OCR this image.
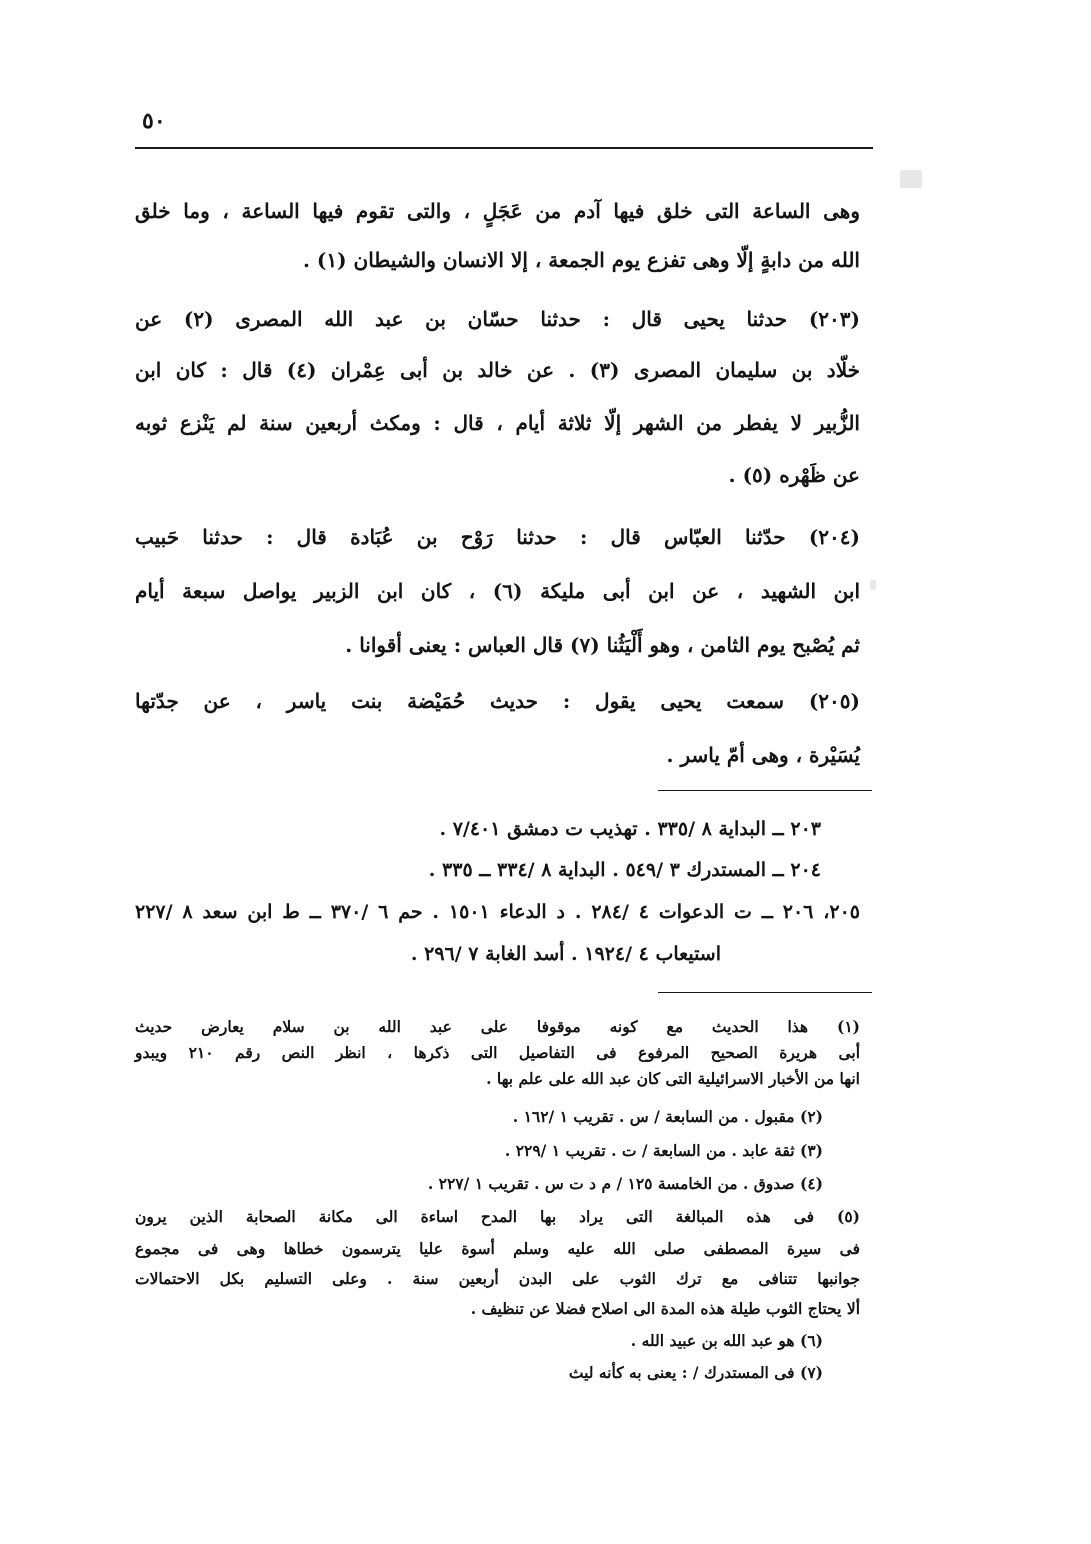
٥٠
وهى الساعة التى خلق فيها آدم من عَجَلٍ ، والتى تقوم فيها الساعة ، وما خلق
الله من دابةٍ إلّا وهى تفزع يوم الجمعة ، إلا الانسان والشيطان (١) .
(٢٠٣) حدثنا يحيى قال : حدثنا حسّان بن عبد الله المصرى (٢) عن
خلّاد بن سليمان المصرى (٣) . عن خالد بن أبى عِمْران (٤) قال : كان ابن
الزُّبير لا يفطر من الشهر إلّا ثلاثة أيام ، قال : ومكث أربعين سنة لم يَنْزع ثوبه
عن ظَهْره (٥) .
(٢٠٤) حدّثنا العبّاس قال : حدثنا رَوْح بن عُبَادة قال : حدثنا حَبيب
ابن الشهيد ، عن ابن أبى مليكة (٦) ، كان ابن الزبير يواصل سبعة أيام
ثم يُصْبح يوم الثامن ، وهو أَلْيَثُنا (٧) قال العباس : يعنى أقوانا .
(٢٠٥) سمعت يحيى يقول : حديث حُمَيْضة بنت ياسر ، عن جدّتها
يُسَيْرة ، وهى أمّ ياسر .
٢٠٣ ــ البداية ٨ /٣٣٥ . تهذيب ت دمشق ٧/٤٠١ .
٢٠٤ ــ المستدرك ٣ /٥٤٩ . البداية ٨ /٣٣٤ ــ ٣٣٥ .
٢٠٥، ٢٠٦ ــ ت الدعوات ٤ /٢٨٤ . د الدعاء ١٥٠١ . حم ٦ /٣٧٠ ــ ط ابن سعد ٨ /٢٢٧
استيعاب ٤ /١٩٢٤ . أسد الغابة ٧ /٢٩٦ .
(١) هذا الحديث مع كونه موقوفا على عبد الله بن سلام يعارض حديث
أبى هريرة الصحيح المرفوع فى التفاصيل التى ذكرها ، انظر النص رقم ٢١٠ ويبدو
انها من الأخبار الاسرائيلية التى كان عبد الله على علم بها .
(٢) مقبول . من السابعة / س . تقريب ١ /١٦٢ .
(٣) ثقة عابد . من السابعة / ت . تقريب ١ /٢٢٩ .
(٤) صدوق . من الخامسة ١٢٥ / م د ت س . تقريب ١ /٢٢٧ .
(٥) فى هذه المبالغة التى يراد بها المدح اساءة الى مكانة الصحابة الذين يرون
فى سيرة المصطفى صلى الله عليه وسلم أسوة عليا يترسمون خطاها وهى فى مجموع
جوانبها تتنافى مع ترك الثوب على البدن أربعين سنة . وعلى التسليم بكل الاحتمالات
ألا يحتاج الثوب طيلة هذه المدة الى اصلاح فضلا عن تنظيف .
(٦) هو عبد الله بن عبيد الله .
(٧) فى المستدرك / : يعنى به كأنه ليث
